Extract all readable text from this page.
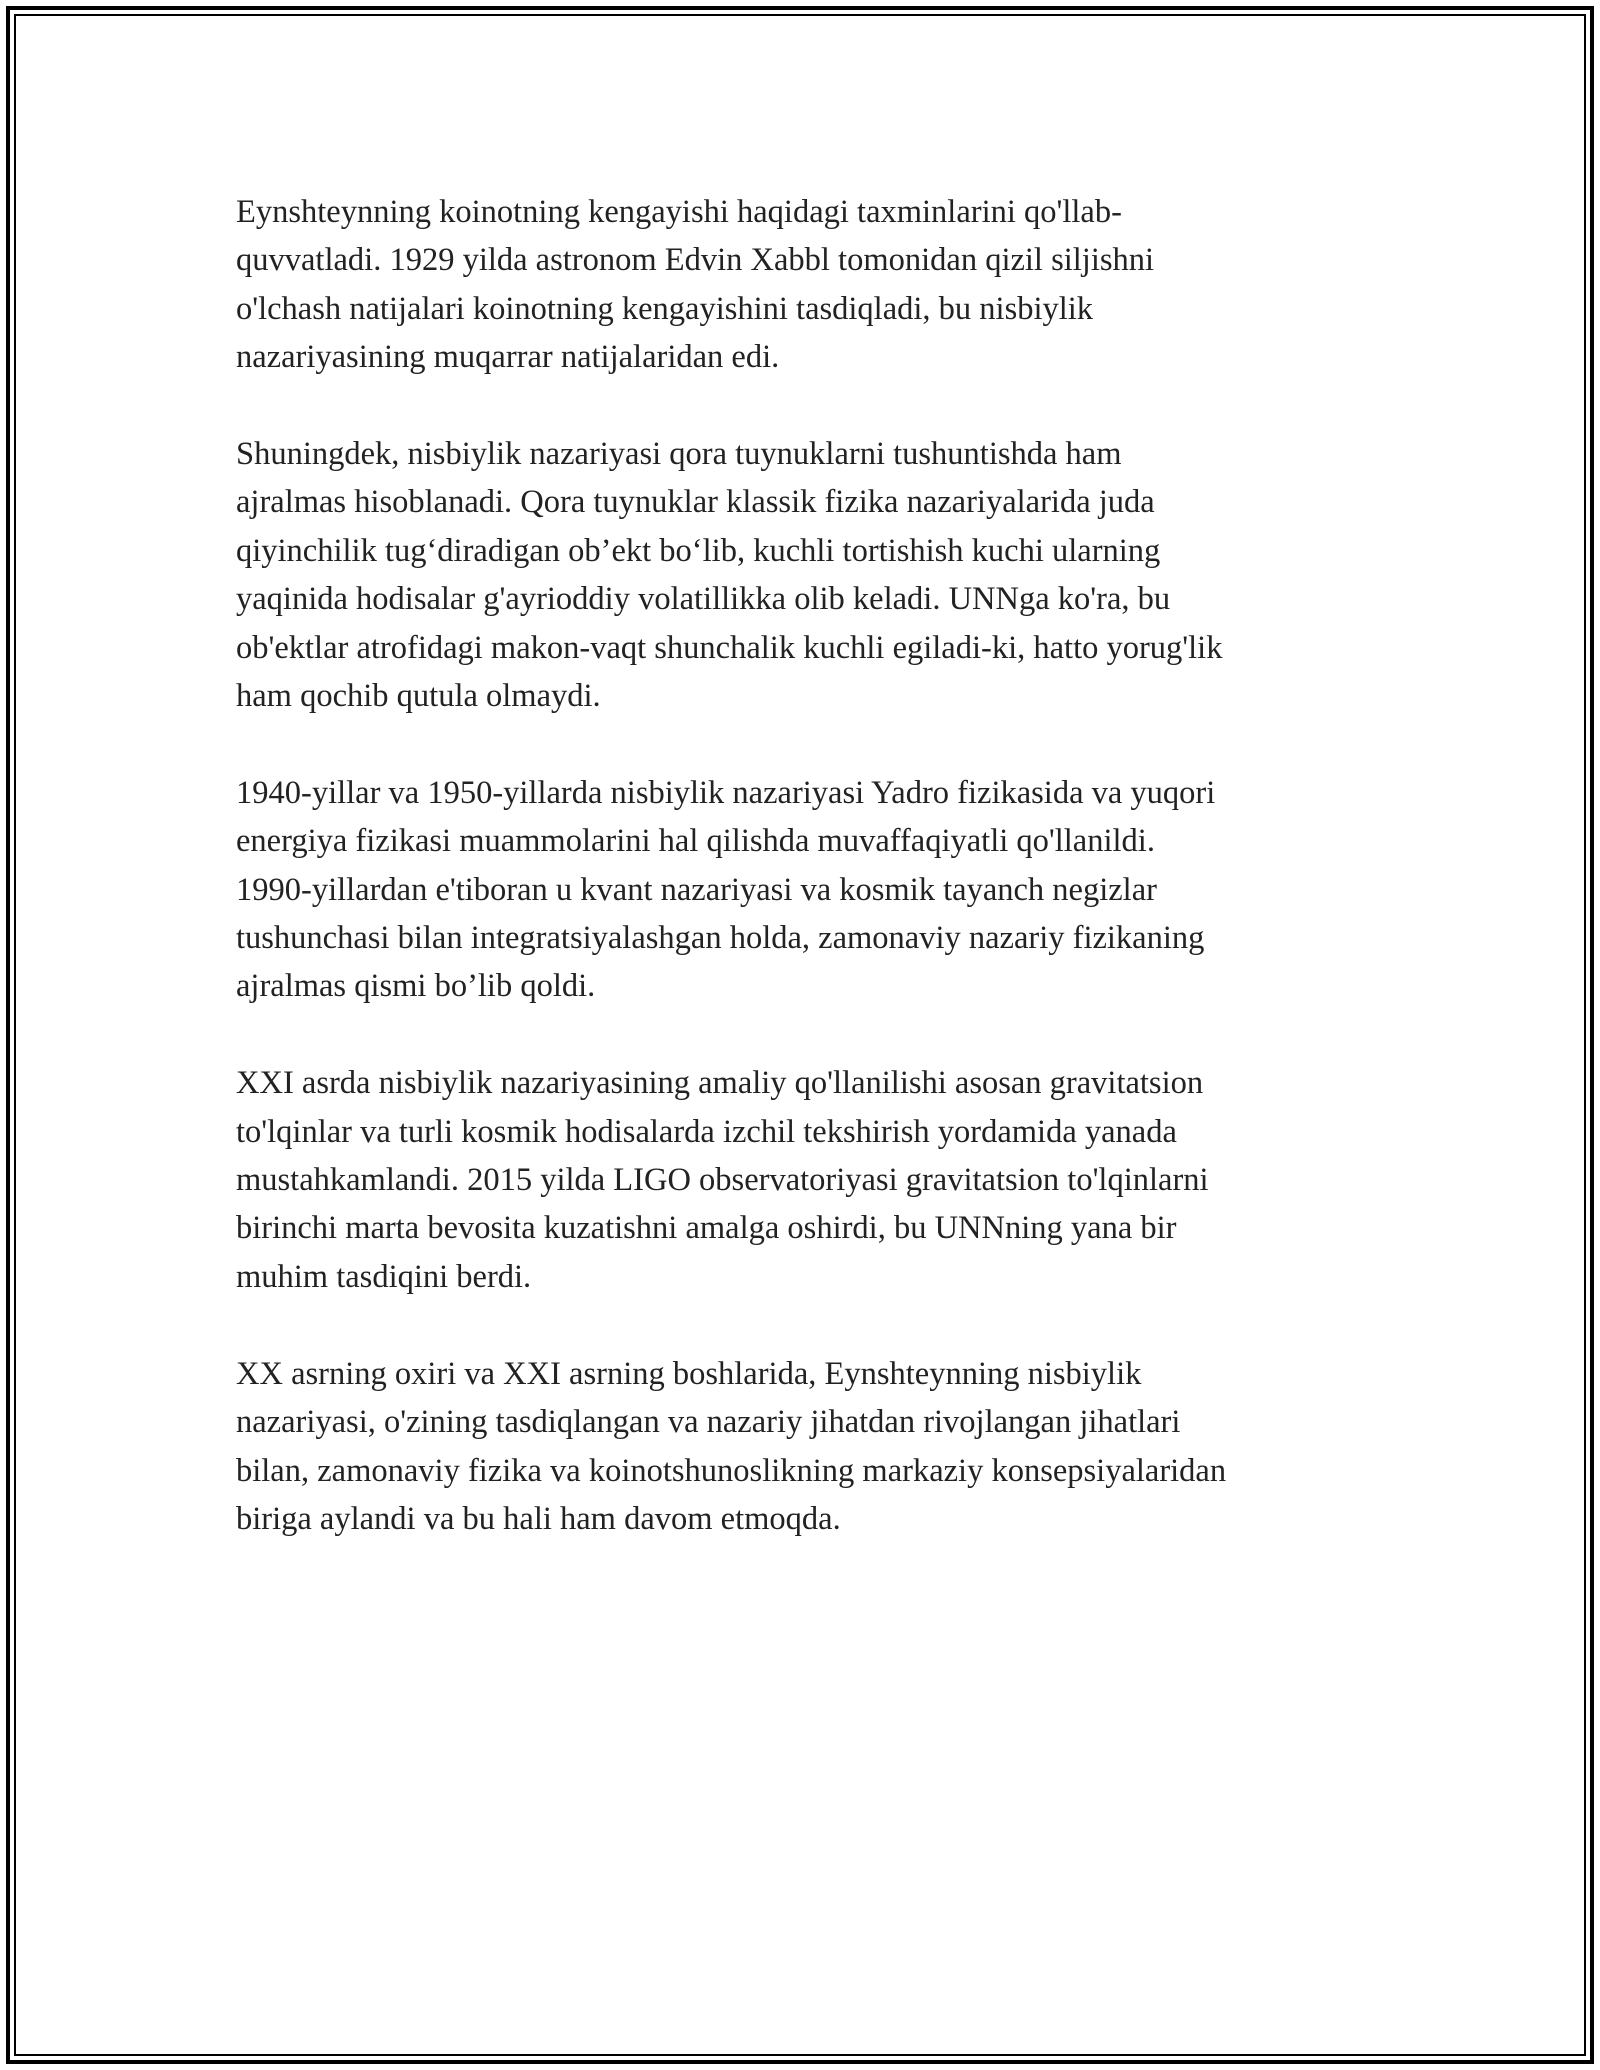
Eynshteynning koinotning kengayishi haqidagi taxminlarini qo'llab-
quvvatladi. 1929 yilda astronom Edvin Xabbl tomonidan qizil siljishni
o'lchash natijalari koinotning kengayishini tasdiqladi, bu nisbiylik
nazariyasining muqarrar natijalaridan edi.

Shuningdek, nisbiylik nazariyasi qora tuynuklarni tushuntishda ham
ajralmas hisoblanadi. Qora tuynuklar klassik fizika nazariyalarida juda
qiyinchilik tug‘diradigan ob’ekt bo‘lib, kuchli tortishish kuchi ularning
yaqinida hodisalar g'ayrioddiy volatillikka olib keladi. UNNga ko'ra, bu
ob'ektlar atrofidagi makon-vaqt shunchalik kuchli egiladi-ki, hatto yorug'lik
ham qochib qutula olmaydi.

1940-yillar va 1950-yillarda nisbiylik nazariyasi Yadro fizikasida va yuqori
energiya fizikasi muammolarini hal qilishda muvaffaqiyatli qo'llanildi.
1990-yillardan e'tiboran u kvant nazariyasi va kosmik tayanch negizlar
tushunchasi bilan integratsiyalashgan holda, zamonaviy nazariy fizikaning
ajralmas qismi bo’lib qoldi.

XXI asrda nisbiylik nazariyasining amaliy qo'llanilishi asosan gravitatsion
to'lqinlar va turli kosmik hodisalarda izchil tekshirish yordamida yanada
mustahkamlandi. 2015 yilda LIGO observatoriyasi gravitatsion to'lqinlarni
birinchi marta bevosita kuzatishni amalga oshirdi, bu UNNning yana bir
muhim tasdiqini berdi.

XX asrning oxiri va XXI asrning boshlarida, Eynshteynning nisbiylik
nazariyasi, o'zining tasdiqlangan va nazariy jihatdan rivojlangan jihatlari
bilan, zamonaviy fizika va koinotshunoslikning markaziy konsepsiyalaridan
biriga aylandi va bu hali ham davom etmoqda.
